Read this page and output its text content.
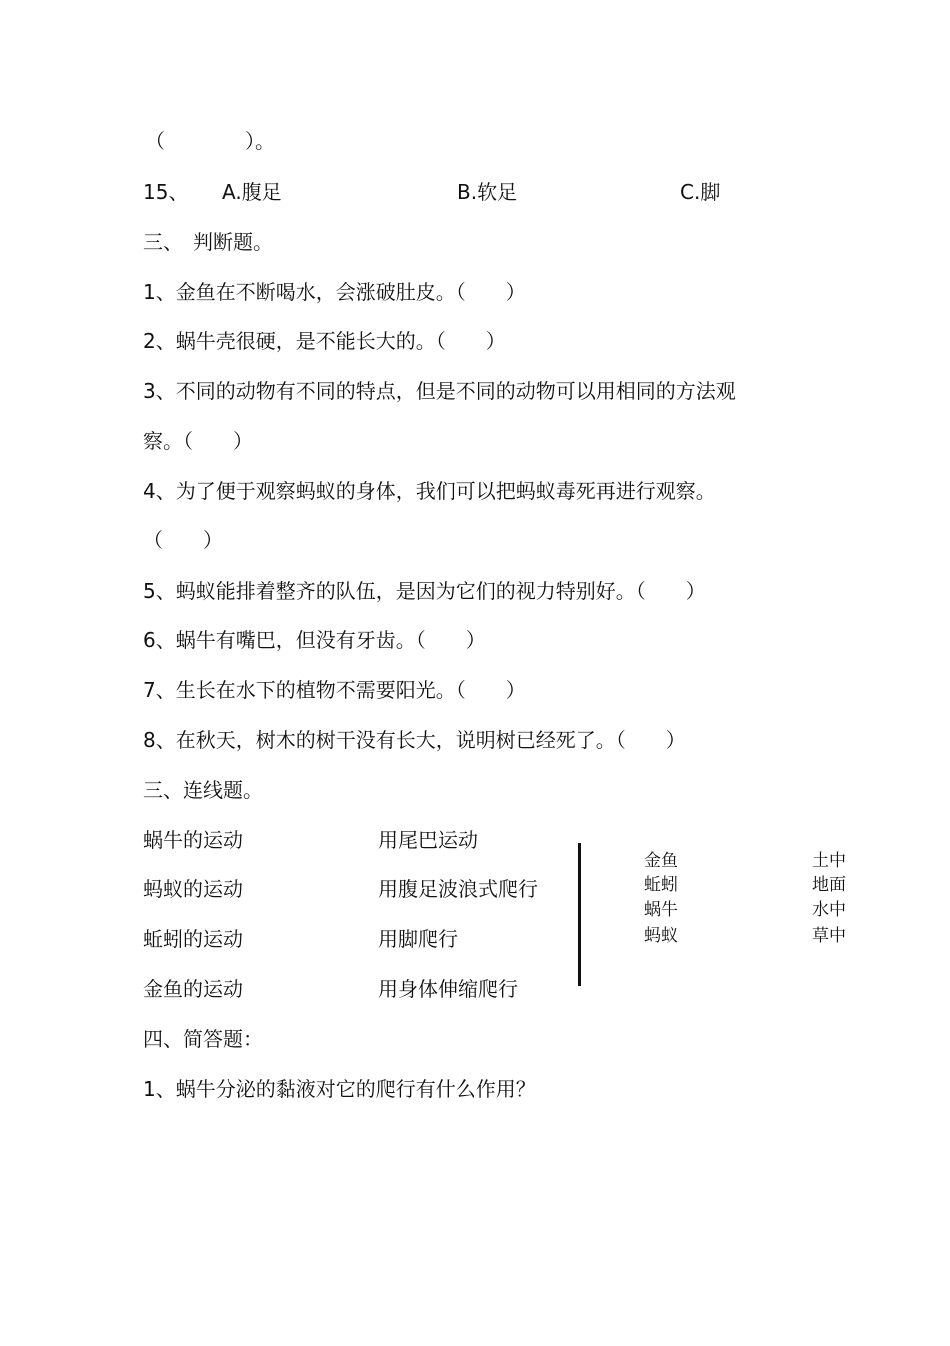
（　　　　）。
15、 A.腹足	B.软足	C.脚
三、　判断题。
1、金鱼在不断喝水，会涨破肚皮。（　　）
2、蜗牛壳很硬，是不能长大的。（　　）
3、不同的动物有不同的特点，但是不同的动物可以用相同的方法观
察。（　　）
4、为了便于观察蚂蚁的身体，我们可以把蚂蚁毒死再进行观察。
（　　）
5、蚂蚁能排着整齐的队伍，是因为它们的视力特别好。（　　）
6、蜗牛有嘴巴，但没有牙齿。（　　）
7、生长在水下的植物不需要阳光。（　　）
8、在秋天，树木的树干没有长大，说明树已经死了。（　　）
三、连线题。
蜗牛的运动
蚂蚁的运动
蚯蚓的运动
金鱼的运动
用尾巴运动
用腹足波浪式爬行
用脚爬行
用身体伸缩爬行
金鱼
蚯蚓
蜗牛
蚂蚁
土中
地面
水中
草中
四、简答题：
1、蜗牛分泌的黏液对它的爬行有什么作用？
